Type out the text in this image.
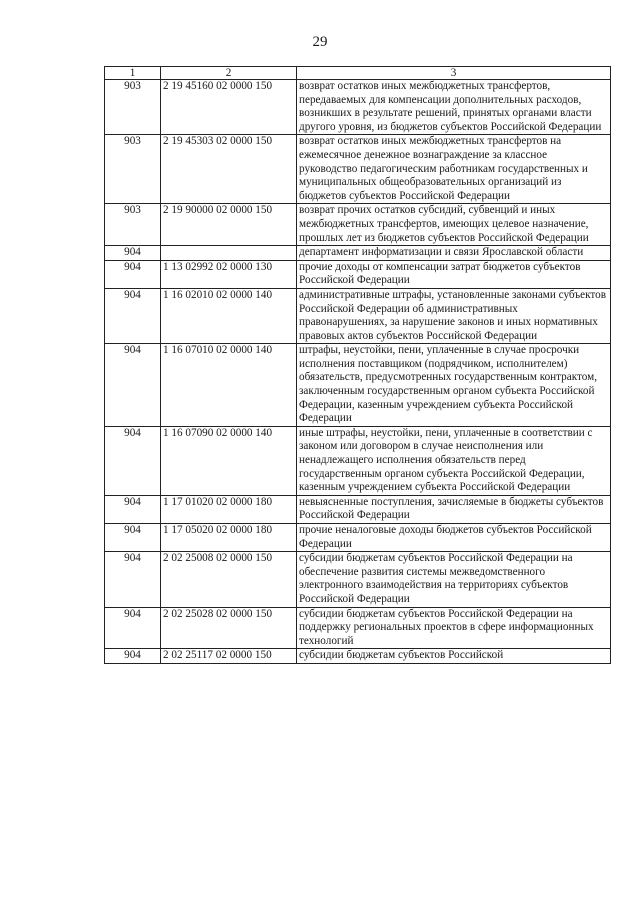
29
1	2	3
903	2 19 45160 02 0000 150	возврат остатков иных межбюджетных трансфертов, передаваемых для компенсации дополнительных расходов, возникших в результате решений, принятых органами власти другого уровня, из бюджетов субъектов Российской Федерации
903	2 19 45303 02 0000 150	возврат остатков иных межбюджетных трансфертов на ежемесячное денежное вознаграждение за классное руководство педагогическим работникам государственных и муниципальных общеобразовательных организаций из бюджетов субъектов Российской Федерации
903	2 19 90000 02 0000 150	возврат прочих остатков субсидий, субвенций и иных межбюджетных трансфертов, имеющих целевое назначение, прошлых лет из бюджетов субъектов Российской Федерации
904		департамент информатизации и связи Ярославской области
904	1 13 02992 02 0000 130	прочие доходы от компенсации затрат бюджетов субъектов Российской Федерации
904	1 16 02010 02 0000 140	административные штрафы, установленные законами субъектов Российской Федерации об административных правонарушениях, за нарушение законов и иных нормативных правовых актов субъектов Российской Федерации
904	1 16 07010 02 0000 140	штрафы, неустойки, пени, уплаченные в случае просрочки исполнения поставщиком (подрядчиком, исполнителем) обязательств, предусмотренных государственным контрактом, заключенным государственным органом субъекта Российской Федерации, казенным учреждением субъекта Российской Федерации
904	1 16 07090 02 0000 140	иные штрафы, неустойки, пени, уплаченные в соответствии с законом или договором в случае неисполнения или ненадлежащего исполнения обязательств перед государственным органом субъекта Российской Федерации, казенным учреждением субъекта Российской Федерации
904	1 17 01020 02 0000 180	невыясненные поступления, зачисляемые в бюджеты субъектов Российской Федерации
904	1 17 05020 02 0000 180	прочие неналоговые доходы бюджетов субъектов Российской Федерации
904	2 02 25008 02 0000 150	субсидии бюджетам субъектов Российской Федерации на обеспечение развития системы межведомственного электронного взаимодействия на территориях субъектов Российской Федерации
904	2 02 25028 02 0000 150	субсидии бюджетам субъектов Российской Федерации на поддержку региональных проектов в сфере информационных технологий
904	2 02 25117 02 0000 150	субсидии бюджетам субъектов Российской
